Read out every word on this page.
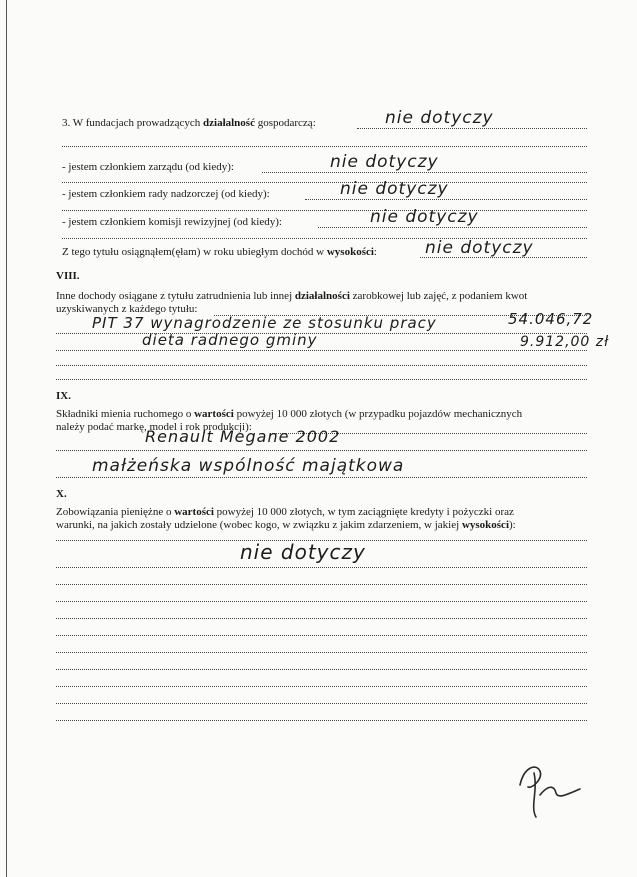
3. W fundacjach prowadzących działalność gospodarczą:	nie dotyczy
- jestem członkiem zarządu (od kiedy):	nie dotyczy
- jestem członkiem rady nadzorczej (od kiedy):	nie dotyczy
- jestem członkiem komisji rewizyjnej (od kiedy):	nie dotyczy
Z tego tytułu osiągnąłem(ęłam) w roku ubiegłym dochód w wysokości:	nie dotyczy
VIII.
Inne dochody osiągane z tytułu zatrudnienia lub innej działalności zarobkowej lub zajęć, z podaniem kwot
uzyskiwanych z każdego tytułu:
PIT 37 wynagrodzenie ze stosunku pracy	54.046,72
dieta radnego gminy	9.912,00 zł
IX.
Składniki mienia ruchomego o wartości powyżej 10 000 złotych (w przypadku pojazdów mechanicznych
należy podać markę, model i rok produkcji):
Renault Megane 2002
małżeńska wspólność majątkowa
X.
Zobowiązania pieniężne o wartości powyżej 10 000 złotych, w tym zaciągnięte kredyty i pożyczki oraz
warunki, na jakich zostały udzielone (wobec kogo, w związku z jakim zdarzeniem, w jakiej wysokości):
nie dotyczy
